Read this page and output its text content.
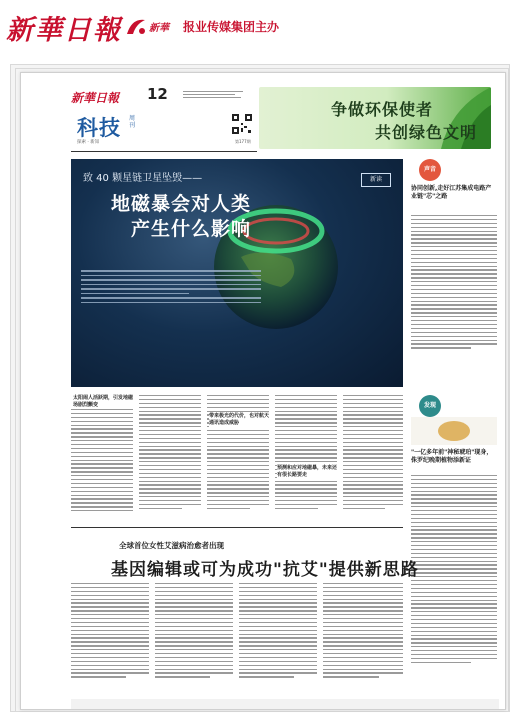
新華日報	新華 报业传媒集团主办
新華日報 12
科技 周刊
探索 · 新知	第177期
争做环保使者
共创绿色文明
致 40 颗星链卫星坠毁——
地磁暴会对人类
产生什么影响
新读
太阳闹人活跃期，引发地磁场剧烈颤变
带来极光的代价，也对航天通讯造成威胁
预测和应对地磁暴，未来还有很长路要走
声音
协同创新,走好江苏集成电路产业链"芯"之路
发现
"一亿多年前"神秘琥珀"现身，侏罗纪晚期植物添新证
全球首位女性艾滋病治愈者出现
基因编辑或可为成功"抗艾"提供新思路
